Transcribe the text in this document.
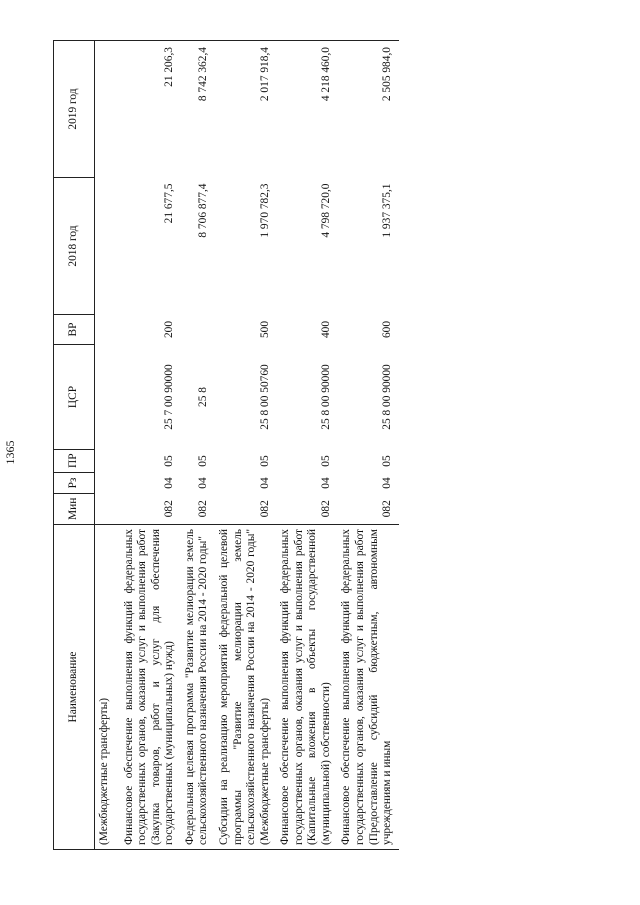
1365
Наименование	Мин	Рз	ПР	ЦСР	ВР	2018 год	2019 год
(Межбюджетные трансферты)							
Финансовое обеспечение выполнения функций федеральных государственных органов, оказания услуг и выполнения работ (Закупка товаров, работ и услуг для обеспечения государственных (муниципальных) нужд)	082	04	05	25 7 00 90000	200	21 677,5	21 206,3
Федеральная целевая программа "Развитие мелиорации земель сельскохозяйственного назначения России на 2014 - 2020 годы"	082	04	05	25 8		8 706 877,4	8 742 362,4
Субсидии на реализацию мероприятий федеральной целевой программы "Развитие мелиорации земель сельскохозяйственного назначения России на 2014 - 2020 годы" (Межбюджетные трансферты)	082	04	05	25 8 00 50760	500	1 970 782,3	2 017 918,4
Финансовое обеспечение выполнения функций федеральных государственных органов, оказания услуг и выполнения работ (Капитальные вложения в объекты государственной (муниципальной) собственности)	082	04	05	25 8 00 90000	400	4 798 720,0	4 218 460,0
Финансовое обеспечение выполнения функций федеральных государственных органов, оказания услуг и выполнения работ (Предоставление субсидий бюджетным, автономным учреждениям и иным	082	04	05	25 8 00 90000	600	1 937 375,1	2 505 984,0
